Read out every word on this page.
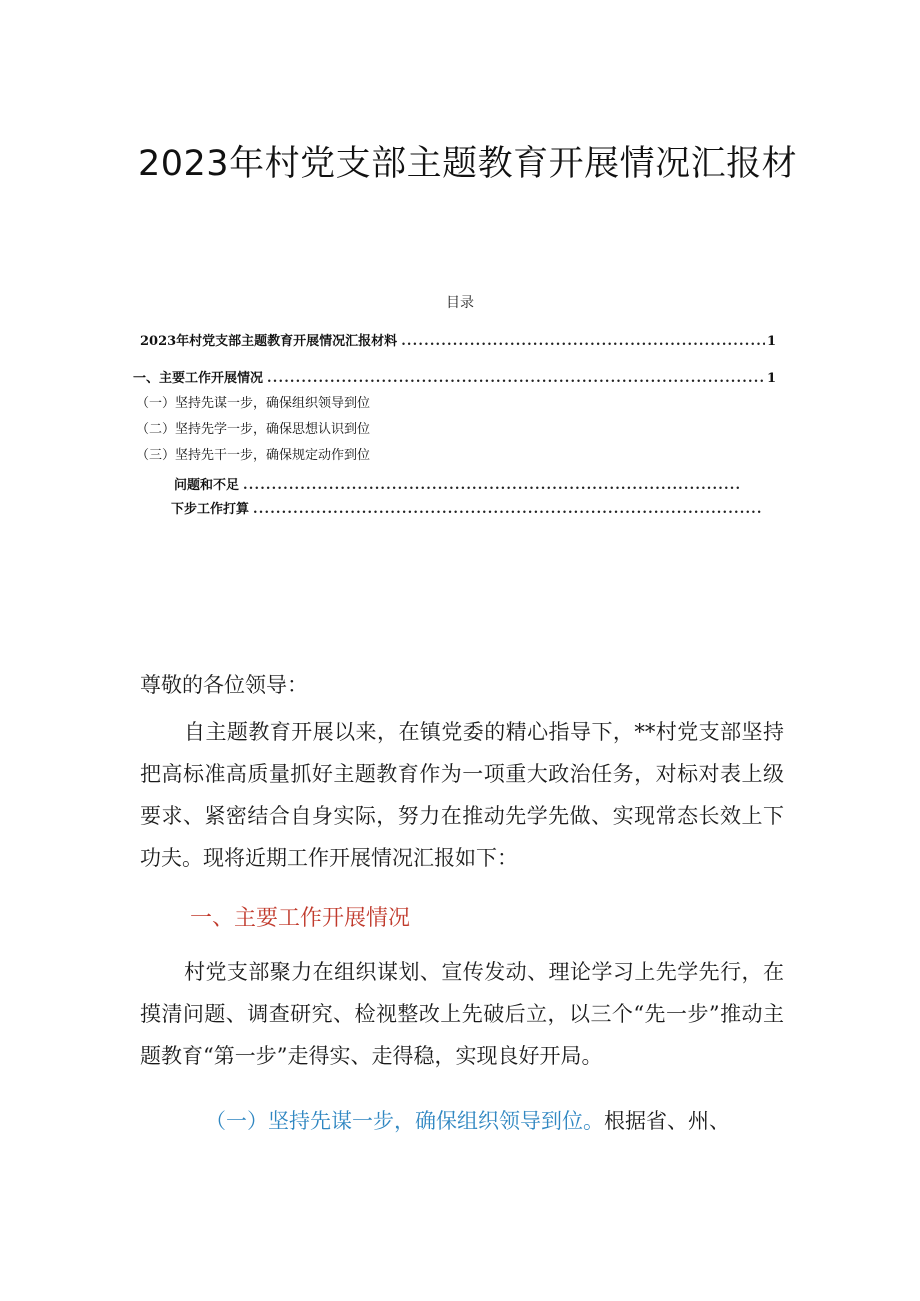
2023年村党支部主题教育开展情况汇报材
目录
2023年村党支部主题教育开展情况汇报材料 .....	1
一、主要工作开展情况 .....	1
（一）坚持先谋一步，确保组织领导到位
（二）坚持先学一步，确保思想认识到位
（三）坚持先干一步，确保规定动作到位
问题和不足
.....
下步工作打算
.....
尊敬的各位领导：
自主题教育开展以来，在镇党委的精心指导下，**村党支部坚持把高标准高质量抓好主题教育作为一项重大政治任务，对标对表上级要求、紧密结合自身实际，努力在推动先学先做、实现常态长效上下功夫。现将近期工作开展情况汇报如下：
一、主要工作开展情况
村党支部聚力在组织谋划、宣传发动、理论学习上先学先行，在摸清问题、调查研究、检视整改上先破后立，以三个“先一步”推动主题教育“第一步”走得实、走得稳，实现良好开局。
（一）坚持先谋一步，确保组织领导到位。根据省、州、
